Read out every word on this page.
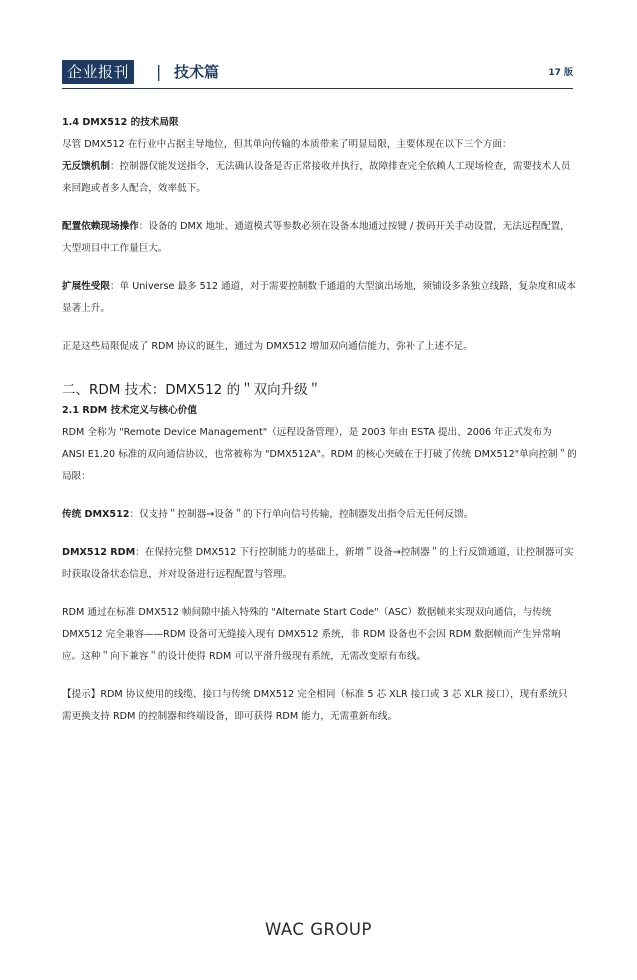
企业报刊	| 技术篇	17 版

1.4 DMX512 的技术局限

尽管 DMX512 在行业中占据主导地位，但其单向传输的本质带来了明显局限，主要体现在以下三个方面：

无反馈机制：控制器仅能发送指令，无法确认设备是否正常接收并执行，故障排查完全依赖人工现场检查，需要技术人员来回跑或者多人配合，效率低下。

配置依赖现场操作：设备的 DMX 地址、通道模式等参数必须在设备本地通过按键 / 拨码开关手动设置，无法远程配置，大型项目中工作量巨大。

扩展性受限：单 Universe 最多 512 通道，对于需要控制数千通道的大型演出场地，须铺设多条独立线路，复杂度和成本显著上升。

正是这些局限促成了 RDM 协议的诞生，通过为 DMX512 增加双向通信能力，弥补了上述不足。

二、RDM 技术：DMX512 的＂双向升级＂

2.1 RDM 技术定义与核心价值

RDM 全称为 "Remote Device Management"（远程设备管理），是 2003 年由 ESTA 提出、2006 年正式发布为 ANSI E1.20 标准的双向通信协议，也常被称为 "DMX512A"。RDM 的核心突破在于打破了传统 DMX512"单向控制＂的局限：

传统 DMX512：仅支持＂控制器→设备＂的下行单向信号传输，控制器发出指令后无任何反馈。

DMX512 RDM：在保持完整 DMX512 下行控制能力的基础上，新增＂设备→控制器＂的上行反馈通道，让控制器可实时获取设备状态信息，并对设备进行远程配置与管理。

RDM 通过在标准 DMX512 帧间隙中插入特殊的 "Alternate Start Code"（ASC）数据帧来实现双向通信，与传统 DMX512 完全兼容——RDM 设备可无缝接入现有 DMX512 系统，非 RDM 设备也不会因 RDM 数据帧而产生异常响应。这种＂向下兼容＂的设计使得 RDM 可以平滑升级现有系统，无需改变原有布线。

【提示】RDM 协议使用的线缆、接口与传统 DMX512 完全相同（标准 5 芯 XLR 接口或 3 芯 XLR 接口），现有系统只需更换支持 RDM 的控制器和终端设备，即可获得 RDM 能力，无需重新布线。

WAC GROUP
